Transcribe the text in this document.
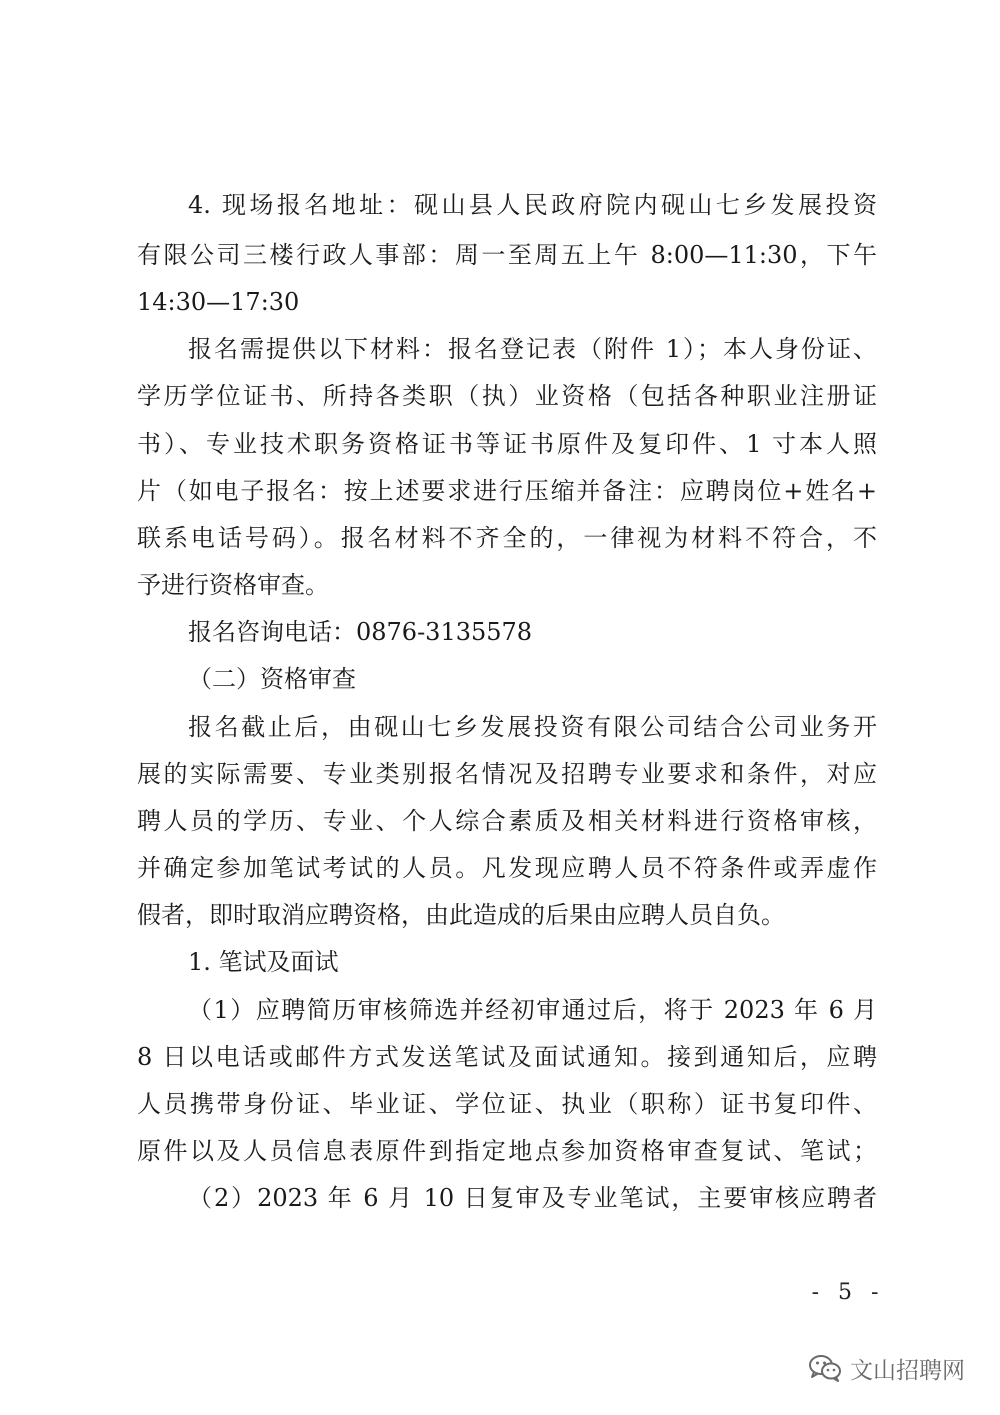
4. 现场报名地址：砚山县人民政府院内砚山七乡发展投资
有限公司三楼行政人事部：周一至周五上午 8:00—11:30，下午
14:30—17:30
报名需提供以下材料：报名登记表（附件 1）；本人身份证、
学历学位证书、所持各类职（执）业资格（包括各种职业注册证
书）、专业技术职务资格证书等证书原件及复印件、1 寸本人照
片（如电子报名：按上述要求进行压缩并备注：应聘岗位+姓名+
联系电话号码）。报名材料不齐全的，一律视为材料不符合，不
予进行资格审查。
报名咨询电话：0876-3135578
（二）资格审查
报名截止后，由砚山七乡发展投资有限公司结合公司业务开
展的实际需要、专业类别报名情况及招聘专业要求和条件，对应
聘人员的学历、专业、个人综合素质及相关材料进行资格审核，
并确定参加笔试考试的人员。凡发现应聘人员不符条件或弄虚作
假者，即时取消应聘资格，由此造成的后果由应聘人员自负。
1. 笔试及面试
（1）应聘简历审核筛选并经初审通过后，将于 2023 年 6 月
8 日以电话或邮件方式发送笔试及面试通知。接到通知后，应聘
人员携带身份证、毕业证、学位证、执业（职称）证书复印件、
原件以及人员信息表原件到指定地点参加资格审查复试、笔试；
（2）2023 年 6 月 10 日复审及专业笔试，主要审核应聘者
- 5 -
文山招聘网
